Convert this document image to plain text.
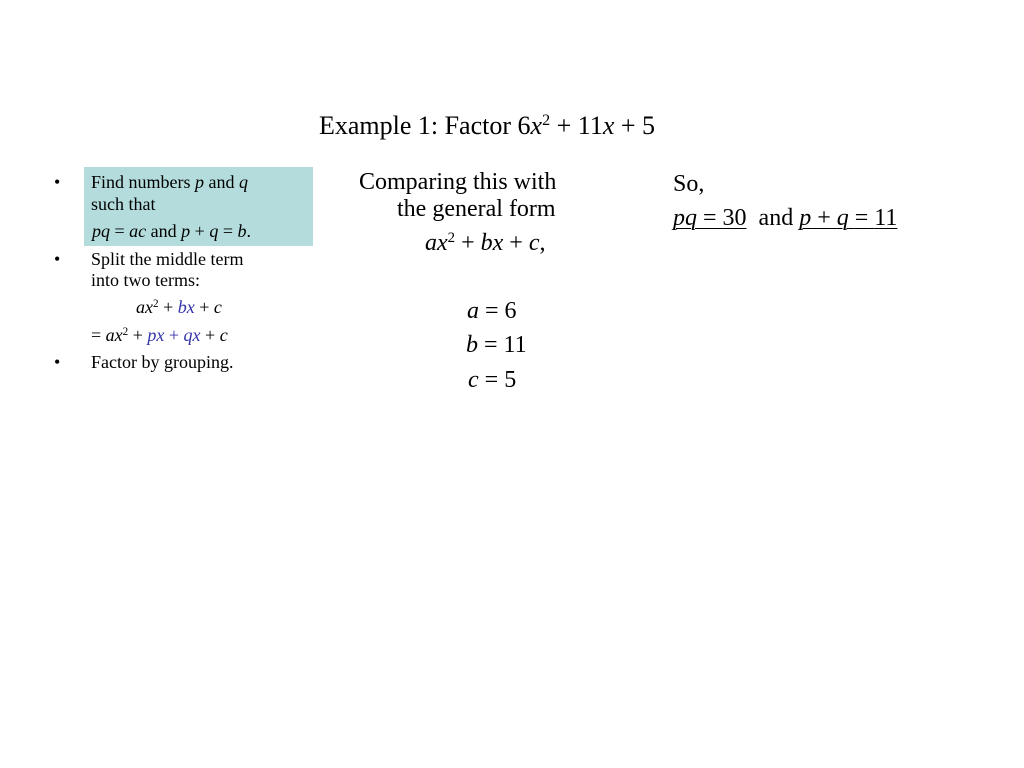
Example 1: Factor $6x^2 + 11x + 5$
• Find numbers p and q
such that
pq = ac and p + q = b.
• Split the middle term
into two terms:
$ax^2$ + bx + c
= $ax^2$ + px + qx + c
• Factor by grouping.
Comparing this with
the general form
$ax^2$ + bx + c,
a = 6
b = 11
c = 5
So,
pq = 30 and p + q = 11
